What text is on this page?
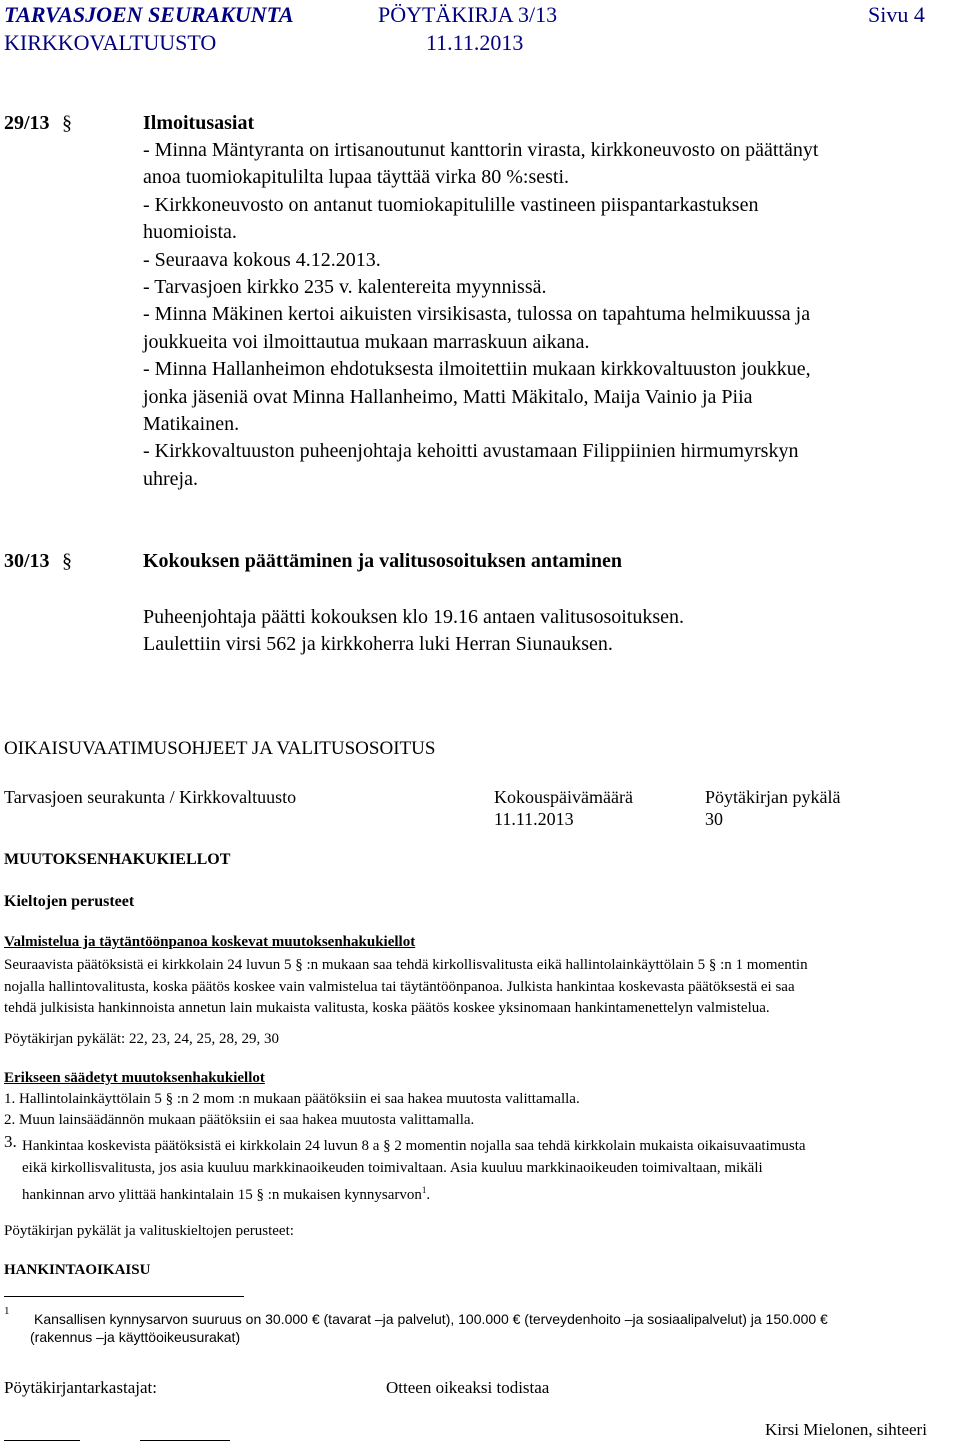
TARVASJOEN SEURAKUNTA	PÖYTÄKIRJA 3/13	Sivu 4
KIRKKOVALTUUSTO	11.11.2013
29/13 §	Ilmoitusasiat
- Minna Mäntyranta on irtisanoutunut kanttorin virasta, kirkkoneuvosto on päättänyt
anoa tuomiokapitulilta lupaa täyttää virka 80 %:sesti.
- Kirkkoneuvosto on antanut tuomiokapitulille vastineen piispantarkastuksen
huomioista.
- Seuraava kokous 4.12.2013.
- Tarvasjoen kirkko 235 v. kalentereita myynnissä.
- Minna Mäkinen kertoi aikuisten virsikisasta, tulossa on tapahtuma helmikuussa ja
joukkueita voi ilmoittautua mukaan marraskuun aikana.
- Minna Hallanheimon ehdotuksesta ilmoitettiin mukaan kirkkovaltuuston joukkue,
jonka jäseniä ovat Minna Hallanheimo, Matti Mäkitalo, Maija Vainio ja Piia
Matikainen.
- Kirkkovaltuuston puheenjohtaja kehoitti avustamaan Filippiinien hirmumyrskyn
uhreja.
30/13 §	Kokouksen päättäminen ja valitusosoituksen antaminen
Puheenjohtaja päätti kokouksen klo 19.16 antaen valitusosoituksen.
Laulettiin virsi 562 ja kirkkoherra luki Herran Siunauksen.
OIKAISUVAATIMUSOHJEET JA VALITUSOSOITUS
Tarvasjoen seurakunta / Kirkkovaltuusto	Kokouspäivämäärä	Pöytäkirjan pykälä
11.11.2013	30
MUUTOKSENHAKUKIELLOT
Kieltojen perusteet
Valmistelua ja täytäntöönpanoa koskevat muutoksenhakukiellot
Seuraavista päätöksistä ei kirkkolain 24 luvun 5 § :n mukaan saa tehdä kirkollisvalitusta eikä hallintolainkäyttölain 5 § :n 1 momentin
nojalla hallintovalitusta, koska päätös koskee vain valmistelua tai täytäntöönpanoa. Julkista hankintaa koskevasta päätöksestä ei saa
tehdä julkisista hankinnoista annetun lain mukaista valitusta, koska päätös koskee yksinomaan hankintamenettelyn valmistelua.
Pöytäkirjan pykälät: 22, 23, 24, 25, 28, 29, 30
Erikseen säädetyt muutoksenhakukiellot
1. Hallintolainkäyttölain 5 § :n 2 mom :n mukaan päätöksiin ei saa hakea muutosta valittamalla.
2. Muun lainsäädännön mukaan päätöksiin ei saa hakea muutosta valittamalla.
3. Hankintaa koskevista päätöksistä ei kirkkolain 24 luvun 8 a § 2 momentin nojalla saa tehdä kirkkolain mukaista oikaisuvaatimusta
eikä kirkollisvalitusta, jos asia kuuluu markkinaoikeuden toimivaltaan. Asia kuuluu markkinaoikeuden toimivaltaan, mikäli
hankinnan arvo ylittää hankintalain 15 § :n mukaisen kynnysarvon$^1$.
Pöytäkirjan pykälät ja valituskieltojen perusteet:
HANKINTAOIKAISU
1 Kansallisen kynnysarvon suuruus on 30.000 € (tavarat –ja palvelut), 100.000 € (terveydenhoito –ja sosiaalipalvelut) ja 150.000 €
(rakennus –ja käyttöoikeusurakat)
Pöytäkirjantarkastajat:	Otteen oikeaksi todistaa
Kirsi Mielonen, sihteeri
